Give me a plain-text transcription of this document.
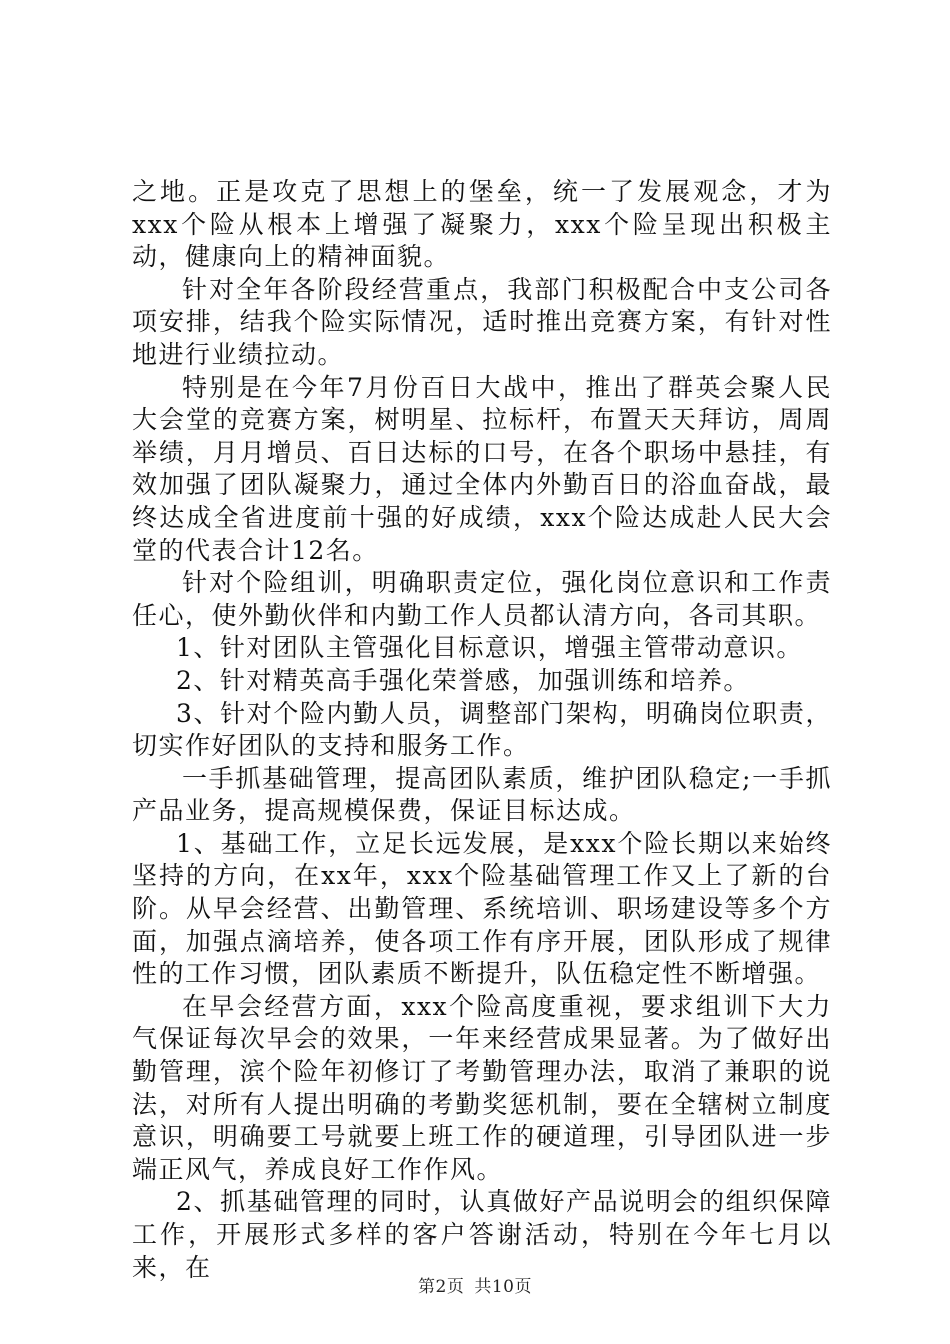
之地。正是攻克了思想上的堡垒，统一了发展观念，才为xxx个险从根本上增强了凝聚力，xxx个险呈现出积极主动，健康向上的精神面貌。

针对全年各阶段经营重点，我部门积极配合中支公司各项安排，结我个险实际情况，适时推出竞赛方案，有针对性地进行业绩拉动。

特别是在今年7月份百日大战中，推出了群英会聚人民大会堂的竞赛方案，树明星、拉标杆，布置天天拜访，周周举绩，月月增员、百日达标的口号，在各个职场中悬挂，有效加强了团队凝聚力，通过全体内外勤百日的浴血奋战，最终达成全省进度前十强的好成绩，xxx个险达成赴人民大会堂的代表合计12名。

针对个险组训，明确职责定位，强化岗位意识和工作责任心，使外勤伙伴和内勤工作人员都认清方向，各司其职。

1、针对团队主管强化目标意识，增强主管带动意识。

2、针对精英高手强化荣誉感，加强训练和培养。

3、针对个险内勤人员，调整部门架构，明确岗位职责，切实作好团队的支持和服务工作。

一手抓基础管理，提高团队素质，维护团队稳定;一手抓产品业务，提高规模保费，保证目标达成。

1、基础工作，立足长远发展，是xxx个险长期以来始终坚持的方向，在xx年，xxx个险基础管理工作又上了新的台阶。从早会经营、出勤管理、系统培训、职场建设等多个方面，加强点滴培养，使各项工作有序开展，团队形成了规律性的工作习惯，团队素质不断提升，队伍稳定性不断增强。

在早会经营方面，xxx个险高度重视，要求组训下大力气保证每次早会的效果，一年来经营成果显著。为了做好出勤管理，滨个险年初修订了考勤管理办法，取消了兼职的说法，对所有人提出明确的考勤奖惩机制，要在全辖树立制度意识，明确要工号就要上班工作的硬道理，引导团队进一步端正风气，养成良好工作作风。

2、抓基础管理的同时，认真做好产品说明会的组织保障工作，开展形式多样的客户答谢活动，特别在今年七月以来，在

第2页 共10页
